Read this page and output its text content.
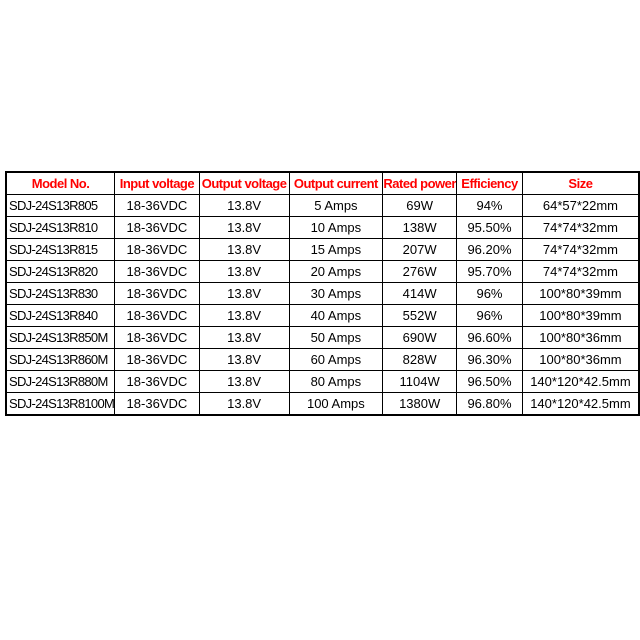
Model No.	Input voltage	Output voltage	Output current	Rated power	Efficiency	Size
SDJ-24S13R805	18-36VDC	13.8V	5 Amps	69W	94%	64*57*22mm
SDJ-24S13R810	18-36VDC	13.8V	10 Amps	138W	95.50%	74*74*32mm
SDJ-24S13R815	18-36VDC	13.8V	15 Amps	207W	96.20%	74*74*32mm
SDJ-24S13R820	18-36VDC	13.8V	20 Amps	276W	95.70%	74*74*32mm
SDJ-24S13R830	18-36VDC	13.8V	30 Amps	414W	96%	100*80*39mm
SDJ-24S13R840	18-36VDC	13.8V	40 Amps	552W	96%	100*80*39mm
SDJ-24S13R850M	18-36VDC	13.8V	50 Amps	690W	96.60%	100*80*36mm
SDJ-24S13R860M	18-36VDC	13.8V	60 Amps	828W	96.30%	100*80*36mm
SDJ-24S13R880M	18-36VDC	13.8V	80 Amps	1104W	96.50%	140*120*42.5mm
SDJ-24S13R8100M	18-36VDC	13.8V	100 Amps	1380W	96.80%	140*120*42.5mm
